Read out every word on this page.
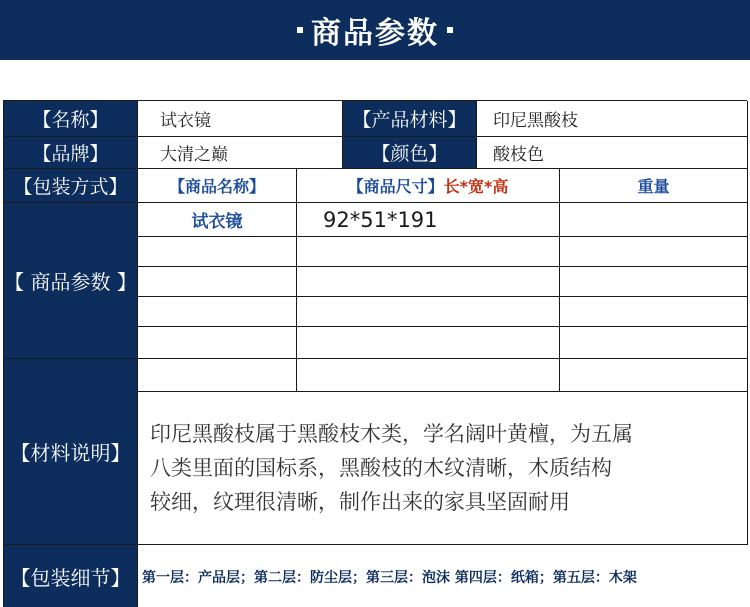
商品参数
【名称】	试衣镜	【产品材料】	印尼黑酸枝
【品牌】	大清之巅	【颜色】	酸枝色
【包装方式】	【商品名称】	【商品尺寸】 长*宽*高	重量
【 商品参数 】
试衣镜	92*51*191
【材料说明】
印尼黑酸枝属于黑酸枝木类，学名阔叶黄檀，为五属
八类里面的国标系，黑酸枝的木纹清晰，木质结构
较细，纹理很清晰，制作出来的家具坚固耐用
【包装细节】 第一层：产品层；第二层：防尘层；第三层：泡沫 第四层：纸箱；第五层：木架
